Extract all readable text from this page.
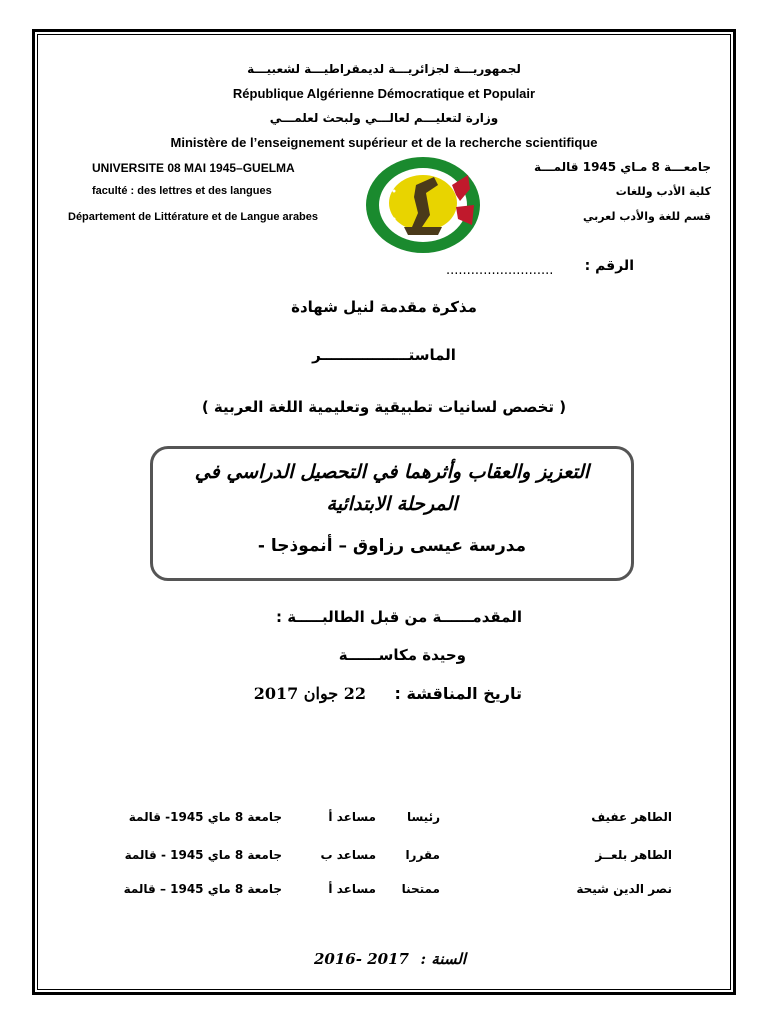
لجمهوريـــة لجزائريـــة لديمقراطيـــة لشعبيـــة
République Algérienne Démocratique et Populair
وزارة لتعليـــم لعالـــي ولبحث لعلمـــي
Ministère de l’enseignement supérieur et de la recherche scientifique
UNIVERSITE 08 MAI 1945–GUELMA
faculté : des lettres et des langues
Département de Littérature et de Langue arabes
جامعـــة 8 مـاي 1945 قالمـــة
كلية الأدب وللغات
قسم للغة والأدب لعربي
الرقم :
..........................
مذكرة مقدمة لنيل شهادة
الماستـــــــــــــــــر
( تخصص لسانيات تطبيقية وتعليمية اللغة العربية )
التعزيز والعقاب وأثرهما في التحصيل الدراسي في
المرحلة الابتدائية
مدرسة عيسى رزاوق – أنموذجا -
المقدمــــــة من قبل الطالبـــــة :
وحيدة مكاســــــة
تاريخ المناقشة :
22 جوان 2017
الطاهر عفيف
رئيسا
مساعد أ
جامعة 8 ماي 1945- قالمة
الطاهر بلعــز
مقررا
مساعد ب
جامعة 8 ماي 1945 - قالمة
نصر الدين شيحة
ممتحنا
مساعد أ
جامعة 8 ماي 1945 – قالمة
السنة :
2016- 2017
